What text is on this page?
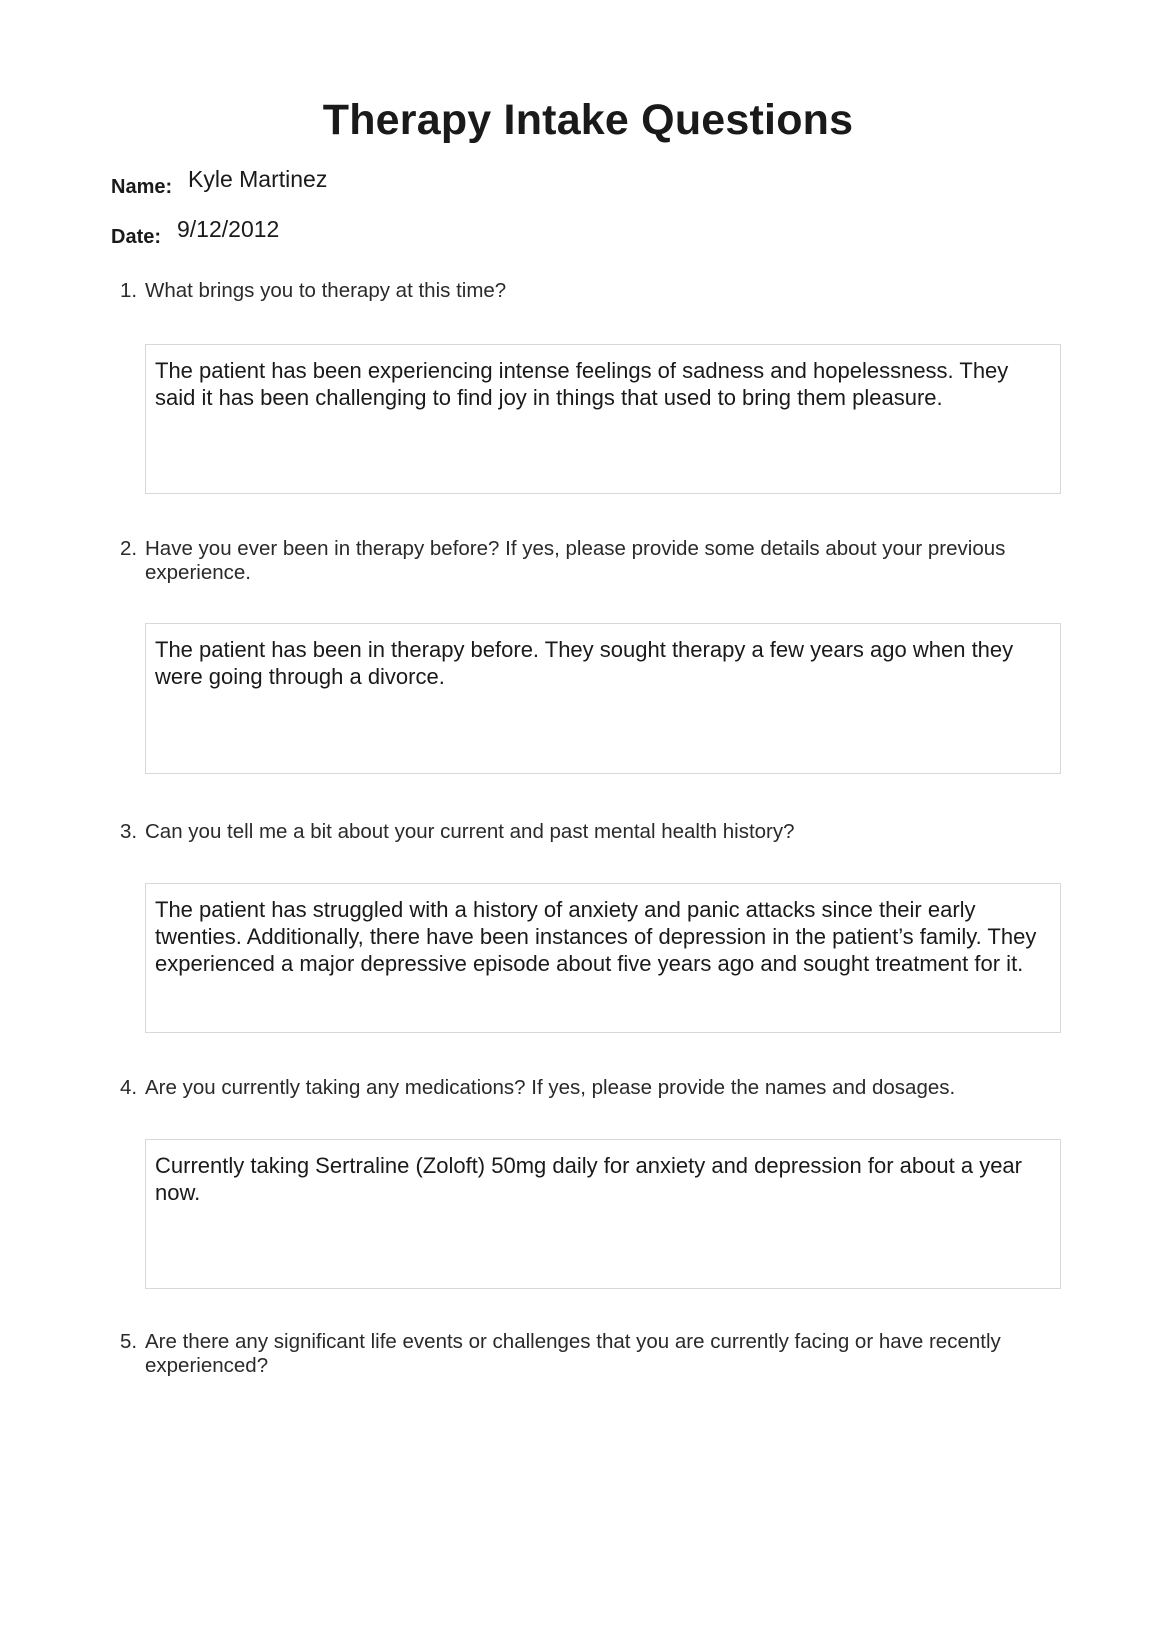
Therapy Intake Questions
Name: Kyle Martinez
Date: 9/12/2012
1. What brings you to therapy at this time?
The patient has been experiencing intense feelings of sadness and hopelessness. They said it has been challenging to find joy in things that used to bring them pleasure.
2. Have you ever been in therapy before? If yes, please provide some details about your previous experience.
The patient has been in therapy before. They sought therapy a few years ago when they were going through a divorce.
3. Can you tell me a bit about your current and past mental health history?
The patient has struggled with a history of anxiety and panic attacks since their early twenties. Additionally, there have been instances of depression in the patient’s family. They experienced a major depressive episode about five years ago and sought treatment for it.
4. Are you currently taking any medications? If yes, please provide the names and dosages.
Currently taking Sertraline (Zoloft) 50mg daily for anxiety and depression for about a year now.
5. Are there any significant life events or challenges that you are currently facing or have recently experienced?
